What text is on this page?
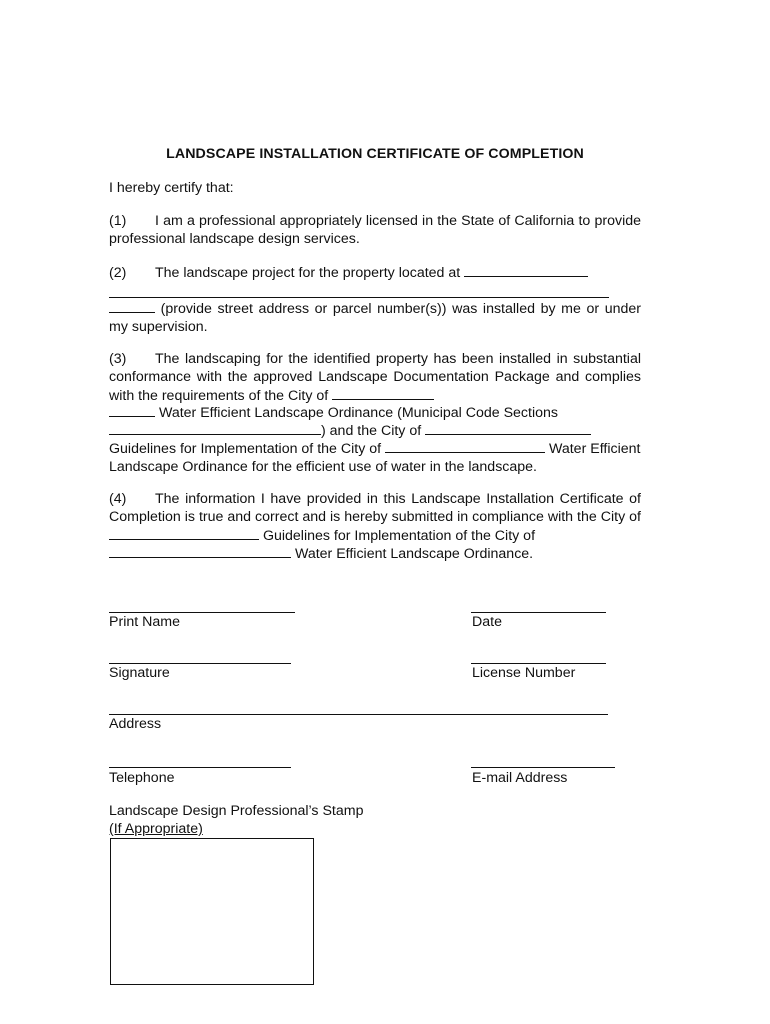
LANDSCAPE INSTALLATION CERTIFICATE OF COMPLETION

I hereby certify that:

(1) I am a professional appropriately licensed in the State of California to provide professional landscape design services.

(2) The landscape project for the property located at

(provide street address or parcel number(s)) was installed by me or under my supervision.

(3) The landscaping for the identified property has been installed in substantial conformance with the approved Landscape Documentation Package and complies with the requirements of the City of

Water Efficient Landscape Ordinance (Municipal Code Sections

) and the City of

Guidelines for Implementation of the City of	Water Efficient Landscape Ordinance for the efficient use of water in the landscape.

(4) The information I have provided in this Landscape Installation Certificate of Completion is true and correct and is hereby submitted in compliance with the City of  Guidelines for Implementation of the City of

Water Efficient Landscape Ordinance.

Print Name	Date
Signature	License Number
Address
Telephone	E-mail Address
Landscape Design Professional’s Stamp
(If Appropriate)
